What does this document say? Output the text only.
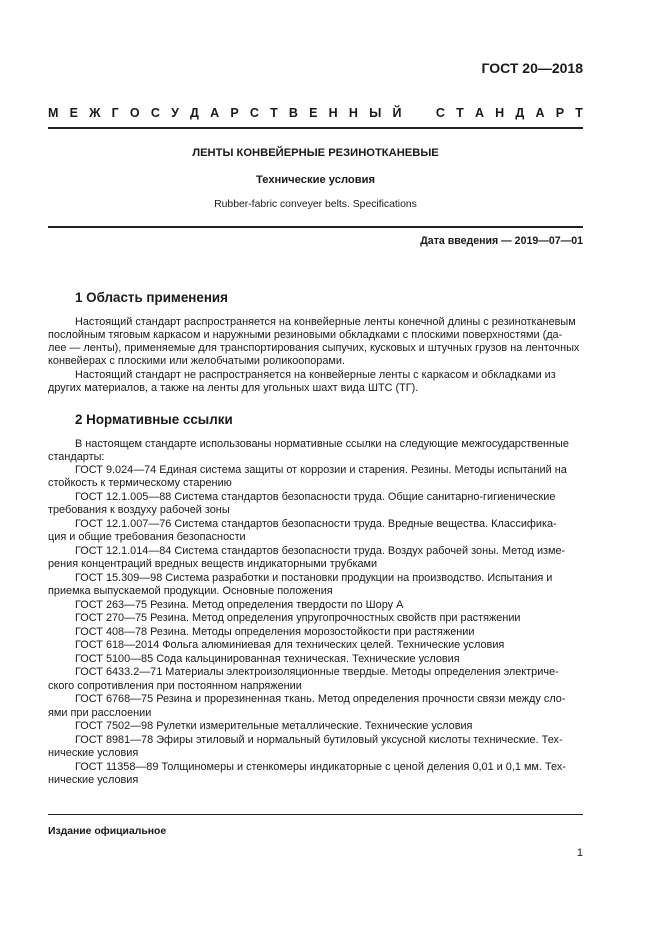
ГОСТ 20—2018
М Е Ж Г О С У Д А Р С Т В Е Н Н Ы Й	С Т А Н Д А Р Т
ЛЕНТЫ КОНВЕЙЕРНЫЕ РЕЗИНОТКАНЕВЫЕ
Технические условия
Rubber-fabric conveyer belts. Specifications
Дата введения — 2019—07—01
1 Область применения
Настоящий стандарт распространяется на конвейерные ленты конечной длины с резинотканевым
послойным тяговым каркасом и наружными резиновыми обкладками с плоскими поверхностями (да-
лее — ленты), применяемые для транспортирования сыпучих, кусковых и штучных грузов на ленточных
конвейерах с плоскими или желобчатыми роликоопорами.
Настоящий стандарт не распространяется на конвейерные ленты с каркасом и обкладками из
других материалов, а также на ленты для угольных шахт вида ШТС (ТГ).
2 Нормативные ссылки
В настоящем стандарте использованы нормативные ссылки на следующие межгосударственные
стандарты:
ГОСТ 9.024—74 Единая система защиты от коррозии и старения. Резины. Методы испытаний на
стойкость к термическому старению
ГОСТ 12.1.005—88 Система стандартов безопасности труда. Общие санитарно-гигиенические
требования к воздуху рабочей зоны
ГОСТ 12.1.007—76 Система стандартов безопасности труда. Вредные вещества. Классифика-
ция и общие требования безопасности
ГОСТ 12.1.014—84 Система стандартов безопасности труда. Воздух рабочей зоны. Метод изме-
рения концентраций вредных веществ индикаторными трубками
ГОСТ 15.309—98 Система разработки и постановки продукции на производство. Испытания и
приемка выпускаемой продукции. Основные положения
ГОСТ 263—75 Резина. Метод определения твердости по Шору А
ГОСТ 270—75 Резина. Метод определения упругопрочностных свойств при растяжении
ГОСТ 408—78 Резина. Методы определения морозостойкости при растяжении
ГОСТ 618—2014 Фольга алюминиевая для технических целей. Технические условия
ГОСТ 5100—85 Сода кальцинированная техническая. Технические условия
ГОСТ 6433.2—71 Материалы электроизоляционные твердые. Методы определения электриче-
ского сопротивления при постоянном напряжении
ГОСТ 6768—75 Резина и прорезиненная ткань. Метод определения прочности связи между сло-
ями при расслоении
ГОСТ 7502—98 Рулетки измерительные металлические. Технические условия
ГОСТ 8981—78 Эфиры этиловый и нормальный бутиловый уксусной кислоты технические. Тех-
нические условия
ГОСТ 11358—89 Толщиномеры и стенкомеры индикаторные с ценой деления 0,01 и 0,1 мм. Тех-
нические условия
Издание официальное
1
